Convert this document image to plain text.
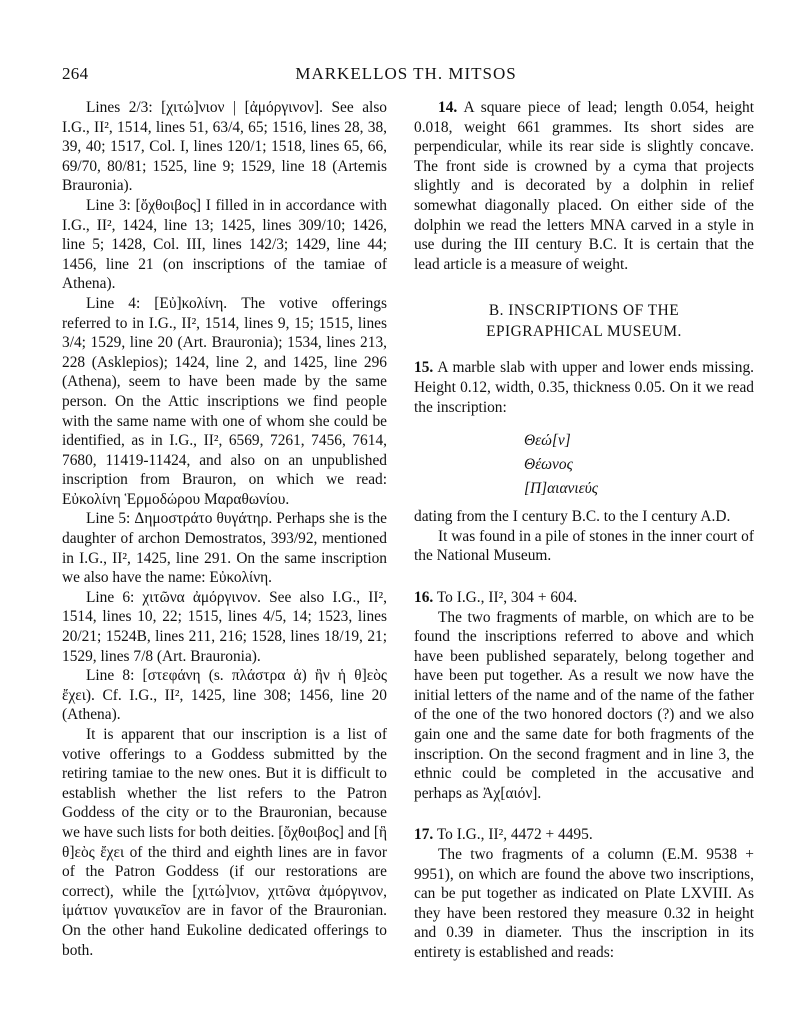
264	MARKELLOS TH. MITSOS

Lines 2/3: [χιτώ]νιον | [ἀμόργινον]. See also I.G., II², 1514, lines 51, 63/4, 65; 1516, lines 28, 38, 39, 40; 1517, Col. I, lines 120/1; 1518, lines 65, 66, 69/70, 80/81; 1525, line 9; 1529, line 18 (Artemis Brauronia).

Line 3: [ὄχθοιβος] I filled in in accordance with I.G., II², 1424, line 13; 1425, lines 309/10; 1426, line 5; 1428, Col. III, lines 142/3; 1429, line 44; 1456, line 21 (on inscriptions of the tamiae of Athena).

Line 4: [Εὐ]κολίνη. The votive offerings referred to in I.G., II², 1514, lines 9, 15; 1515, lines 3/4; 1529, line 20 (Art. Brauronia); 1534, lines 213, 228 (Asklepios); 1424, line 2, and 1425, line 296 (Athena), seem to have been made by the same person. On the Attic inscriptions we find people with the same name with one of whom she could be identified, as in I.G., II², 6569, 7261, 7456, 7614, 7680, 11419-11424, and also on an unpublished inscription from Brauron, on which we read: Εὐκολίνη Ἑρμοδώρου Μαραθωνίου.

Line 5: Δημοστράτο θυγάτηρ. Perhaps she is the daughter of archon Demostratos, 393/92, mentioned in I.G., II², 1425, line 291. On the same inscription we also have the name: Εὐκολίνη.

Line 6: χιτῶνα ἀμόργινον. See also I.G., II², 1514, lines 10, 22; 1515, lines 4/5, 14; 1523, lines 20/21; 1524B, lines 211, 216; 1528, lines 18/19, 21; 1529, lines 7/8 (Art. Brauronia).

Line 8: [στεφάνη (s. πλάστρα ἁ) ἣν ἡ θ]εὸς ἔχει). Cf. I.G., II², 1425, line 308; 1456, line 20 (Athena).

It is apparent that our inscription is a list of votive offerings to a Goddess submitted by the retiring tamiae to the new ones. But it is difficult to establish whether the list refers to the Patron Goddess of the city or to the Brauronian, because we have such lists for both deities. [ὄχθοιβος] and [ἣ θ]εὸς ἔχει of the third and eighth lines are in favor of the Patron Goddess (if our restorations are correct), while the [χιτώ]νιον, χιτῶνα ἀμόργινον, ἱμάτιον γυναικεῖον are in favor of the Brauronian. On the other hand Eukoline dedicated offerings to both.

14. A square piece of lead; length 0.054, height 0.018, weight 661 grammes. Its short sides are perpendicular, while its rear side is slightly concave. The front side is crowned by a cyma that projects slightly and is decorated by a dolphin in relief somewhat diagonally placed. On either side of the dolphin we read the letters ΜΝΑ carved in a style in use during the III century B.C. It is certain that the lead article is a measure of weight.

B. INSCRIPTIONS OF THE
EPIGRAPHICAL MUSEUM.

15. A marble slab with upper and lower ends missing. Height 0.12, width, 0.35, thickness 0.05. On it we read the inscription:

Θεώ[ν]
Θέωνος
[Π]αιανιεύς

dating from the I century B.C. to the I century A.D.

It was found in a pile of stones in the inner court of the National Museum.

16. To I.G., II², 304 + 604.

The two fragments of marble, on which are to be found the inscriptions referred to above and which have been published separately, belong together and have been put together. As a result we now have the initial letters of the name and of the name of the father of the one of the two honored doctors (?) and we also gain one and the same date for both fragments of the inscription. On the second fragment and in line 3, the ethnic could be completed in the accusative and perhaps as Ἀχ[αιόν].

17. To I.G., II², 4472 + 4495.

The two fragments of a column (E.M. 9538 + 9951), on which are found the above two inscriptions, can be put together as indicated on Plate LXVIII. As they have been restored they measure 0.32 in height and 0.39 in diameter. Thus the inscription in its entirety is established and reads:
